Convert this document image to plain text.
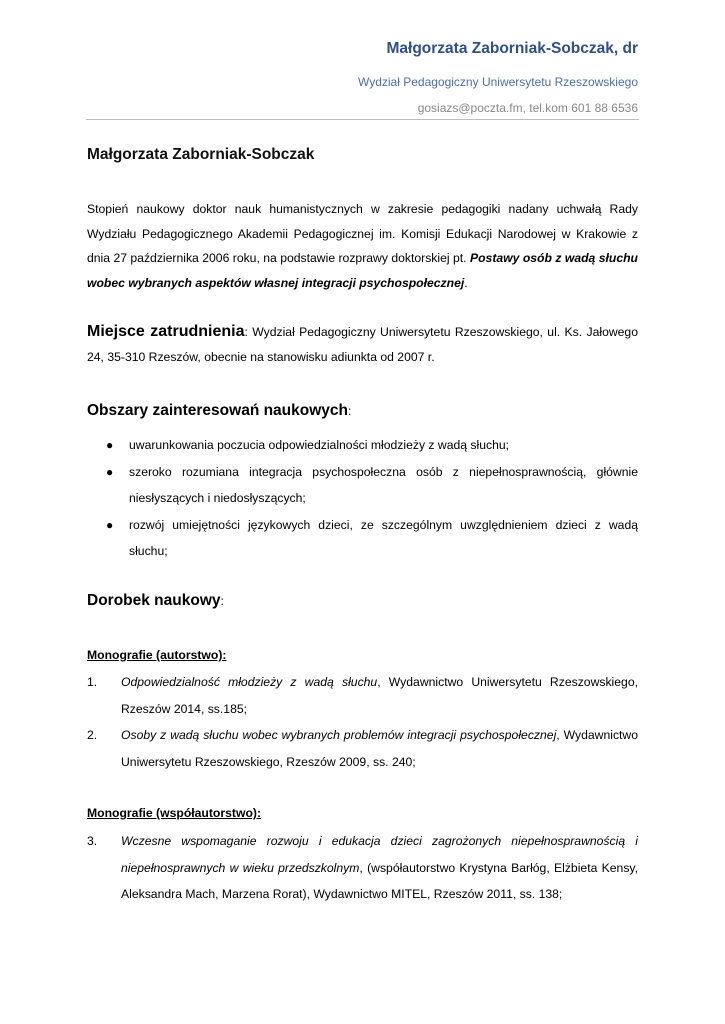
Małgorzata Zaborniak-Sobczak, dr
Wydział Pedagogiczny Uniwersytetu Rzeszowskiego
gosiazs@poczta.fm, tel.kom 601 88 6536
Małgorzata Zaborniak-Sobczak
Stopień naukowy doktor nauk humanistycznych w zakresie pedagogiki nadany uchwałą Rady Wydziału Pedagogicznego Akademii Pedagogicznej im. Komisji Edukacji Narodowej w Krakowie z dnia 27 października 2006 roku, na podstawie rozprawy doktorskiej pt. Postawy osób z wadą słuchu wobec wybranych aspektów własnej integracji psychospołecznej.
Miejsce zatrudnienia: Wydział Pedagogiczny Uniwersytetu Rzeszowskiego, ul. Ks. Jałowego 24, 35-310 Rzeszów, obecnie na stanowisku adiunkta od 2007 r.
Obszary zainteresowań naukowych:
● uwarunkowania poczucia odpowiedzialności młodzieży z wadą słuchu;
● szeroko rozumiana integracja psychospołeczna osób z niepełnosprawnością, głównie niesłyszących i niedosłyszących;
● rozwój umiejętności językowych dzieci, ze szczególnym uwzględnieniem dzieci z wadą słuchu;
Dorobek naukowy:
Monografie (autorstwo):
1. Odpowiedzialność młodzieży z wadą słuchu, Wydawnictwo Uniwersytetu Rzeszowskiego, Rzeszów 2014, ss.185;
2. Osoby z wadą słuchu wobec wybranych problemów integracji psychospołecznej, Wydawnictwo Uniwersytetu Rzeszowskiego, Rzeszów 2009, ss. 240;
Monografie (współautorstwo):
3. Wczesne wspomaganie rozwoju i edukacja dzieci zagrożonych niepełnosprawnością i niepełnosprawnych w wieku przedszkolnym, (współautorstwo Krystyna Barłóg, Elżbieta Kensy, Aleksandra Mach, Marzena Rorat), Wydawnictwo MITEL, Rzeszów 2011, ss. 138;
